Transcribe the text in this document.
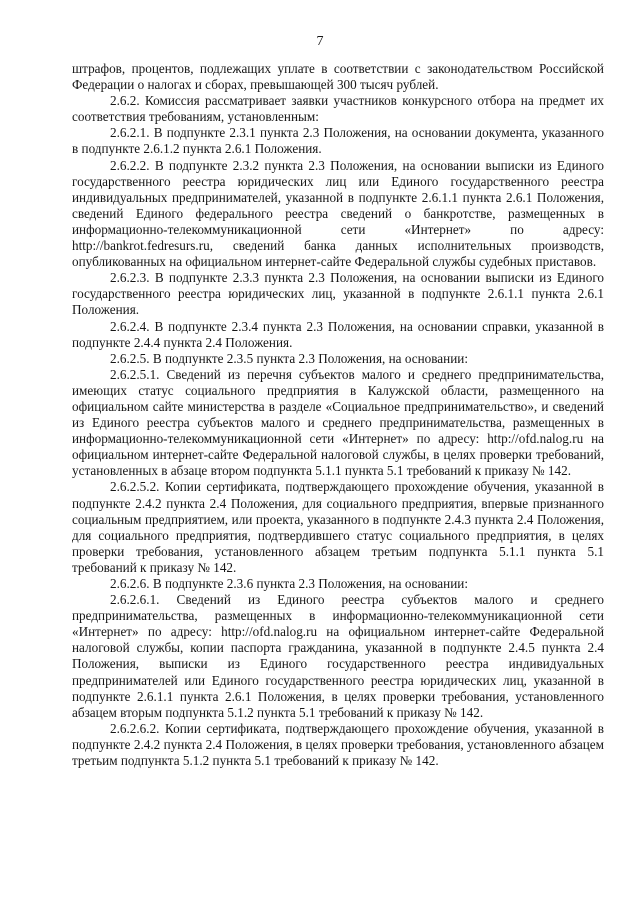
7

штрафов, процентов, подлежащих уплате в соответствии с законодательством Российской Федерации о налогах и сборах, превышающей 300 тысяч рублей.

2.6.2. Комиссия рассматривает заявки участников конкурсного отбора на предмет их соответствия требованиям, установленным:

2.6.2.1. В подпункте 2.3.1 пункта 2.3 Положения, на основании документа, указанного в подпункте 2.6.1.2 пункта 2.6.1 Положения.

2.6.2.2. В подпункте 2.3.2 пункта 2.3 Положения, на основании выписки из Единого государственного реестра юридических лиц или Единого государственного реестра индивидуальных предпринимателей, указанной в подпункте 2.6.1.1 пункта 2.6.1 Положения, сведений Единого федерального реестра сведений о банкротстве, размещенных в информационно-телекоммуникационной сети «Интернет» по адресу: http://bankrot.fedresurs.ru, сведений банка данных исполнительных производств, опубликованных на официальном интернет-сайте Федеральной службы судебных приставов.

2.6.2.3. В подпункте 2.3.3 пункта 2.3 Положения, на основании выписки из Единого государственного реестра юридических лиц, указанной в подпункте 2.6.1.1 пункта 2.6.1 Положения.

2.6.2.4. В подпункте 2.3.4 пункта 2.3 Положения, на основании справки, указанной в подпункте 2.4.4 пункта 2.4 Положения.

2.6.2.5. В подпункте 2.3.5 пункта 2.3 Положения, на основании:

2.6.2.5.1. Сведений из перечня субъектов малого и среднего предпринимательства, имеющих статус социального предприятия в Калужской области, размещенного на официальном сайте министерства в разделе «Социальное предпринимательство», и сведений из Единого реестра субъектов малого и среднего предпринимательства, размещенных в информационно-телекоммуникационной сети «Интернет» по адресу: http://ofd.nalog.ru на официальном интернет-сайте Федеральной налоговой службы, в целях проверки требований, установленных в абзаце втором подпункта 5.1.1 пункта 5.1 требований к приказу № 142.

2.6.2.5.2. Копии сертификата, подтверждающего прохождение обучения, указанной в подпункте 2.4.2 пункта 2.4 Положения, для социального предприятия, впервые признанного социальным предприятием, или проекта, указанного в подпункте 2.4.3 пункта 2.4 Положения, для социального предприятия, подтвердившего статус социального предприятия, в целях проверки требования, установленного абзацем третьим подпункта 5.1.1 пункта 5.1 требований к приказу № 142.

2.6.2.6. В подпункте 2.3.6 пункта 2.3 Положения, на основании:

2.6.2.6.1. Сведений из Единого реестра субъектов малого и среднего предпринимательства, размещенных в информационно-телекоммуникационной сети «Интернет» по адресу: http://ofd.nalog.ru на официальном интернет-сайте Федеральной налоговой службы, копии паспорта гражданина, указанной в подпункте 2.4.5 пункта 2.4 Положения, выписки из Единого государственного реестра индивидуальных предпринимателей или Единого государственного реестра юридических лиц, указанной в подпункте 2.6.1.1 пункта 2.6.1 Положения, в целях проверки требования, установленного абзацем вторым подпункта 5.1.2 пункта 5.1 требований к приказу № 142.

2.6.2.6.2. Копии сертификата, подтверждающего прохождение обучения, указанной в подпункте 2.4.2 пункта 2.4 Положения, в целях проверки требования, установленного абзацем третьим подпункта 5.1.2 пункта 5.1 требований к приказу № 142.
